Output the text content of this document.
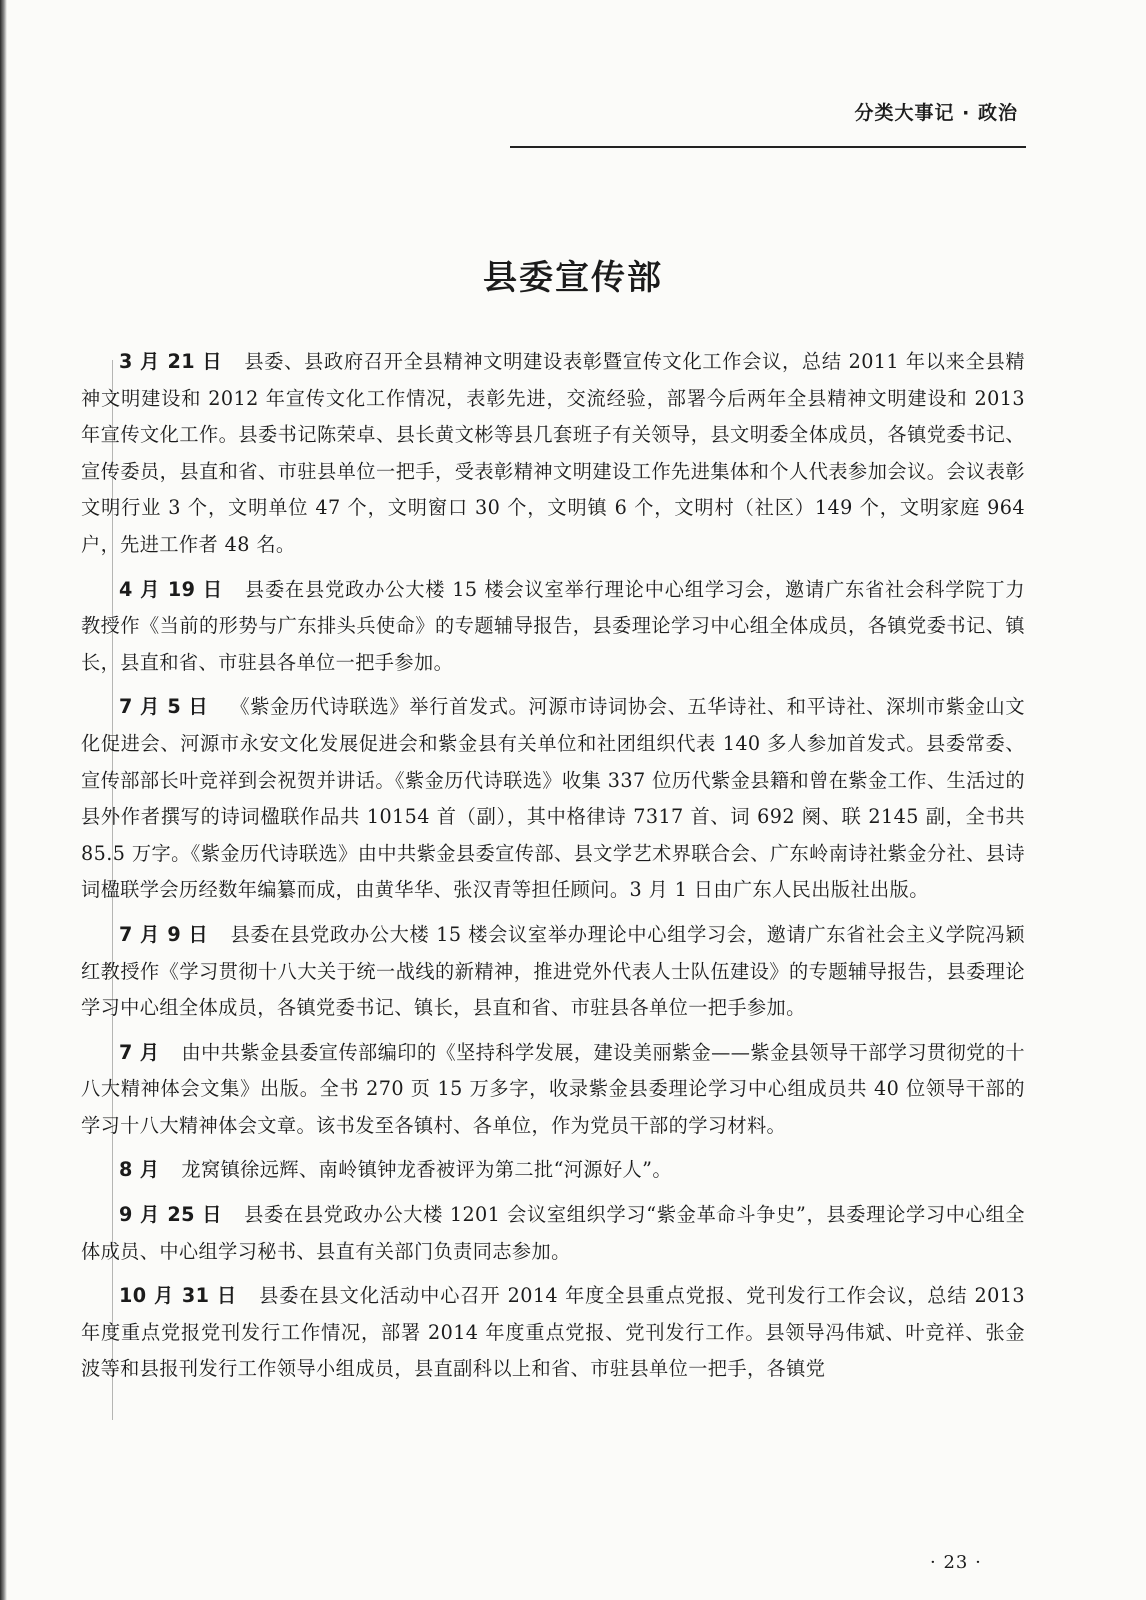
分类大事记 · 政治
县委宣传部

3 月 21 日 县委、县政府召开全县精神文明建设表彰暨宣传文化工作会议，总结 2011 年以来全县精神文明建设和 2012 年宣传文化工作情况，表彰先进，交流经验，部署今后两年全县精神文明建设和 2013 年宣传文化工作。县委书记陈荣卓、县长黄文彬等县几套班子有关领导，县文明委全体成员，各镇党委书记、宣传委员，县直和省、市驻县单位一把手，受表彰精神文明建设工作先进集体和个人代表参加会议。会议表彰文明行业 3 个，文明单位 47 个，文明窗口 30 个，文明镇 6 个，文明村（社区）149 个，文明家庭 964 户，先进工作者 48 名。

4 月 19 日 县委在县党政办公大楼 15 楼会议室举行理论中心组学习会，邀请广东省社会科学院丁力教授作《当前的形势与广东排头兵使命》的专题辅导报告，县委理论学习中心组全体成员，各镇党委书记、镇长，县直和省、市驻县各单位一把手参加。

7 月 5 日 《紫金历代诗联选》举行首发式。河源市诗词协会、五华诗社、和平诗社、深圳市紫金山文化促进会、河源市永安文化发展促进会和紫金县有关单位和社团组织代表 140 多人参加首发式。县委常委、宣传部部长叶竞祥到会祝贺并讲话。《紫金历代诗联选》收集 337 位历代紫金县籍和曾在紫金工作、生活过的县外作者撰写的诗词楹联作品共 10154 首（副），其中格律诗 7317 首、词 692 阕、联 2145 副，全书共 85.5 万字。《紫金历代诗联选》由中共紫金县委宣传部、县文学艺术界联合会、广东岭南诗社紫金分社、县诗词楹联学会历经数年编纂而成，由黄华华、张汉青等担任顾问。3 月 1 日由广东人民出版社出版。

7 月 9 日 县委在县党政办公大楼 15 楼会议室举办理论中心组学习会，邀请广东省社会主义学院冯颖红教授作《学习贯彻十八大关于统一战线的新精神，推进党外代表人士队伍建设》的专题辅导报告，县委理论学习中心组全体成员，各镇党委书记、镇长，县直和省、市驻县各单位一把手参加。

7 月 由中共紫金县委宣传部编印的《坚持科学发展，建设美丽紫金——紫金县领导干部学习贯彻党的十八大精神体会文集》出版。全书 270 页 15 万多字，收录紫金县委理论学习中心组成员共 40 位领导干部的学习十八大精神体会文章。该书发至各镇村、各单位，作为党员干部的学习材料。

8 月 龙窝镇徐远辉、南岭镇钟龙香被评为第二批“河源好人”。

9 月 25 日 县委在县党政办公大楼 1201 会议室组织学习“紫金革命斗争史”，县委理论学习中心组全体成员、中心组学习秘书、县直有关部门负责同志参加。

10 月 31 日 县委在县文化活动中心召开 2014 年度全县重点党报、党刊发行工作会议，总结 2013 年度重点党报党刊发行工作情况，部署 2014 年度重点党报、党刊发行工作。县领导冯伟斌、叶竞祥、张金波等和县报刊发行工作领导小组成员，县直副科以上和省、市驻县单位一把手，各镇党

· 23 ·
